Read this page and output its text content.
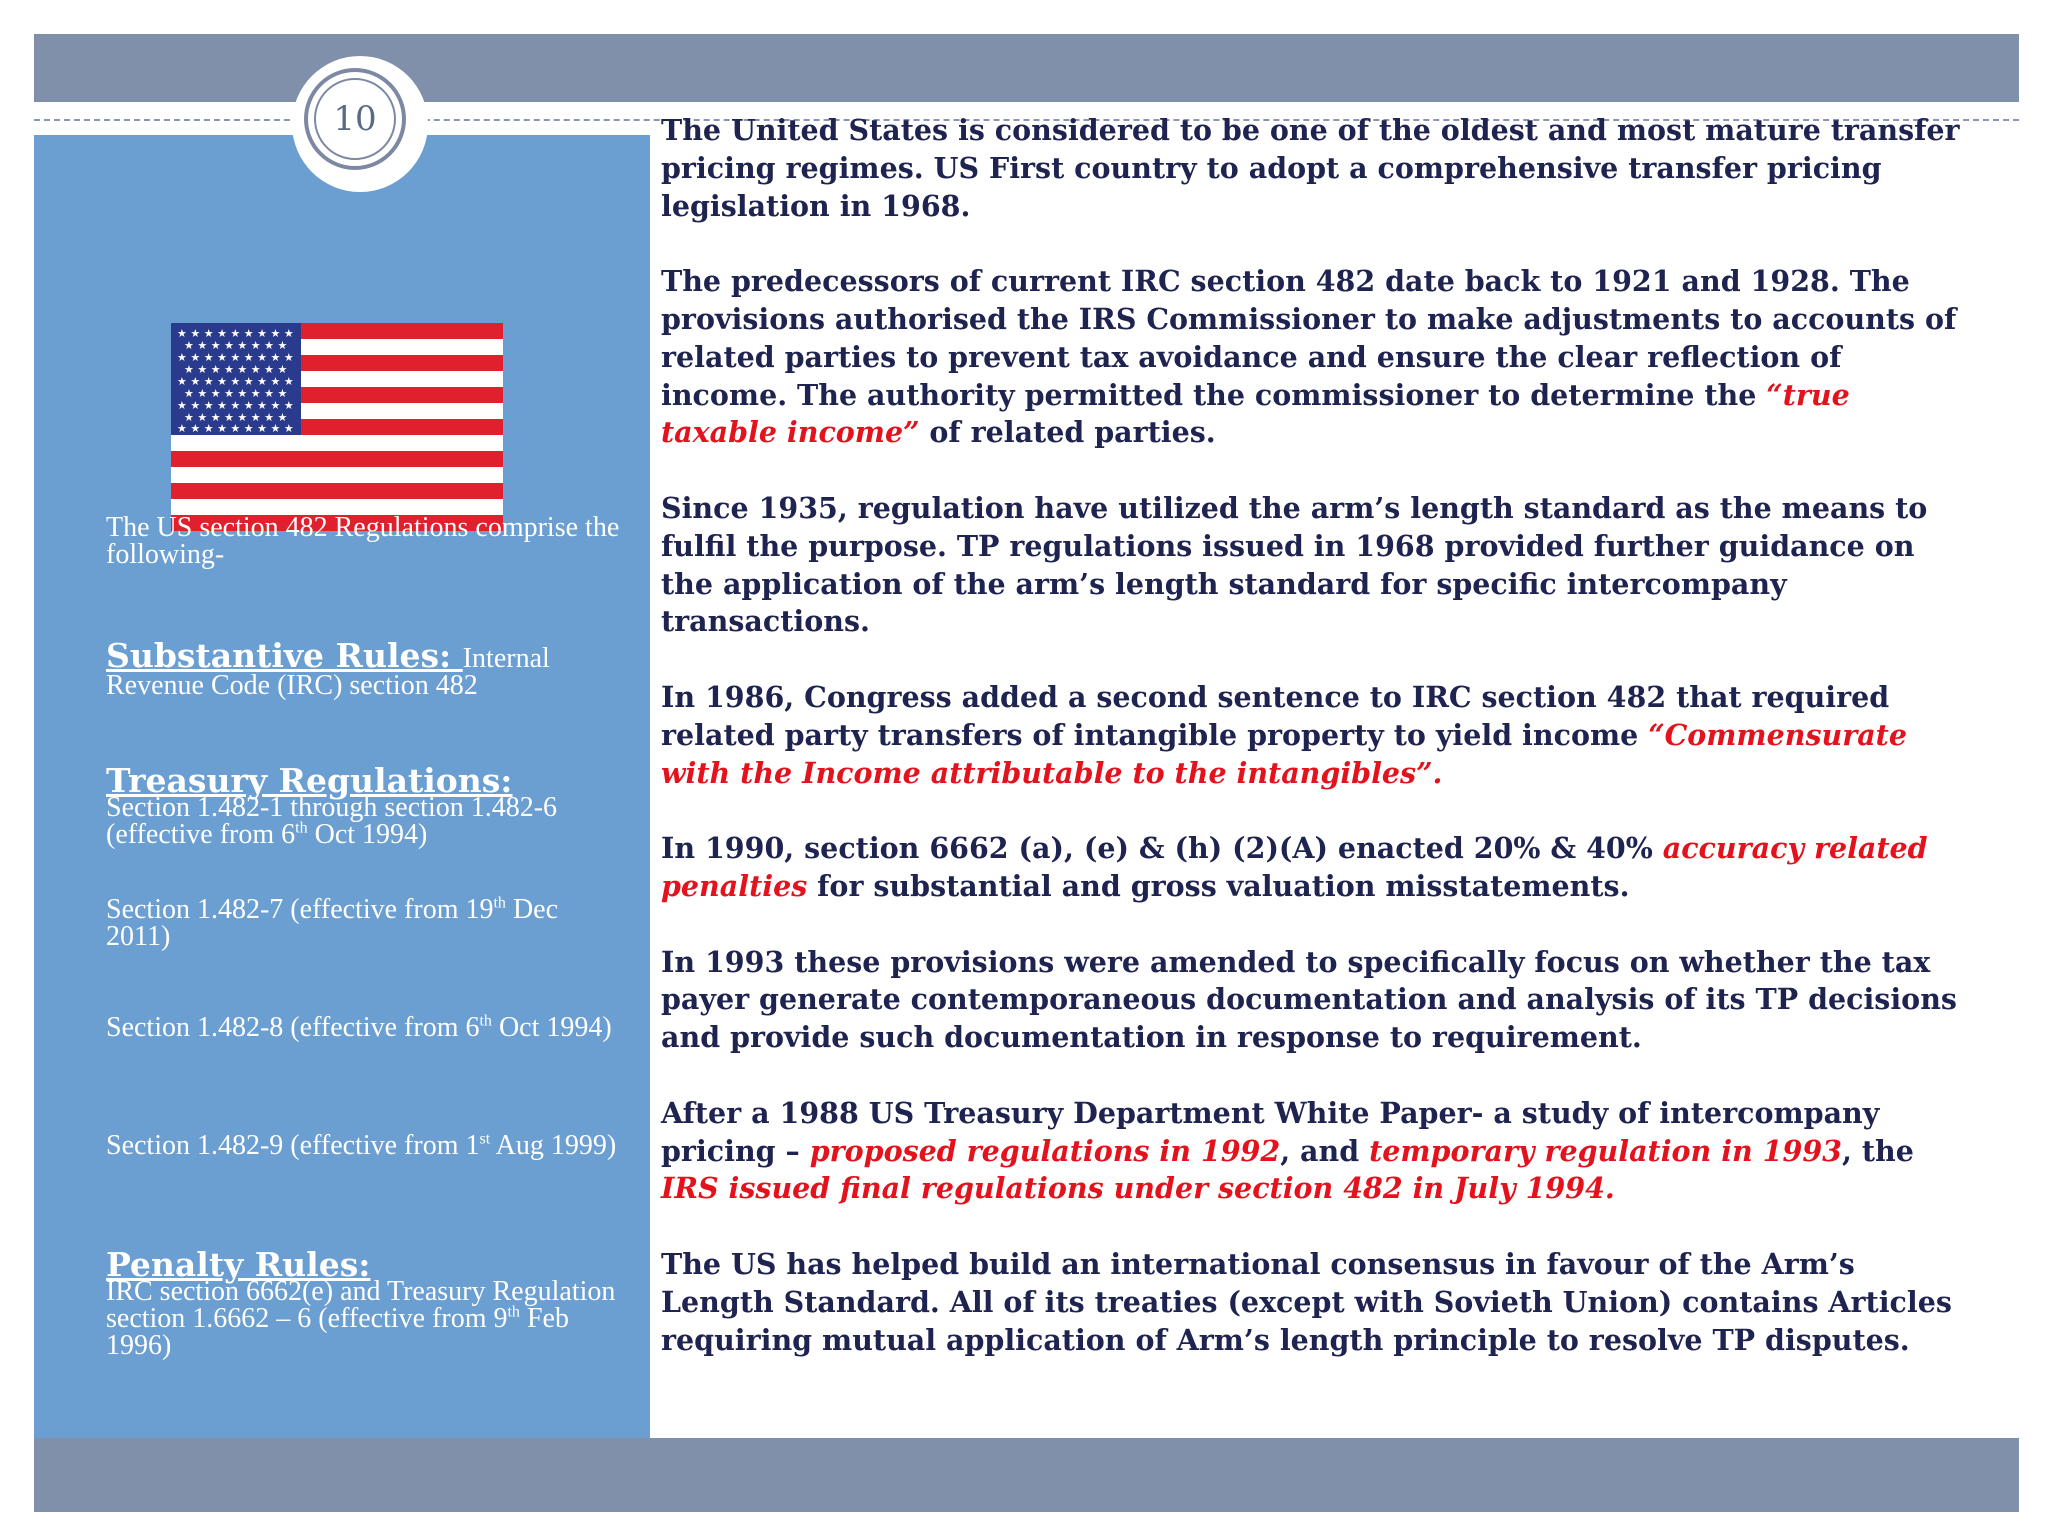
★ ★ ★ ★ ★ ★ ★ ★ ★
★ ★ ★ ★ ★ ★ ★ ★
★ ★ ★ ★ ★ ★ ★ ★ ★
★ ★ ★ ★ ★ ★ ★ ★
★ ★ ★ ★ ★ ★ ★ ★ ★
★ ★ ★ ★ ★ ★ ★ ★
★ ★ ★ ★ ★ ★ ★ ★ ★
★ ★ ★ ★ ★ ★ ★ ★
★ ★ ★ ★ ★ ★ ★ ★ ★
The US section 482 Regulations comprise the following-
Substantive Rules: Internal Revenue Code (IRC) section 482
Treasury Regulations:
Section 1.482-1 through section 1.482-6 (effective from 6th Oct 1994)
Section 1.482-7 (effective from 19th Dec 2011)
Section 1.482-8 (effective from 6th Oct 1994)
Section 1.482-9 (effective from 1st Aug 1999)
Penalty Rules:
IRC section 6662(e) and Treasury Regulation section 1.6662 – 6 (effective from 9th Feb 1996)
10	The United States is considered to be one of the oldest and most mature transfer pricing regimes. US First country to adopt a comprehensive transfer pricing legislation in 1968.

The predecessors of current IRC section 482 date back to 1921 and 1928. The provisions authorised the IRS Commissioner to make adjustments to accounts of related parties to prevent tax avoidance and ensure the clear reflection of income. The authority permitted the commissioner to determine the “true taxable income” of related parties.

Since 1935, regulation have utilized the arm’s length standard as the means to fulfil the purpose. TP regulations issued in 1968 provided further guidance on the application of the arm’s length standard for specific intercompany transactions.

In 1986, Congress added a second sentence to IRC section 482 that required related party transfers of intangible property to yield income “Commensurate with the Income attributable to the intangibles”.

In 1990, section 6662 (a), (e) & (h) (2)(A) enacted 20% & 40% accuracy related penalties for substantial and gross valuation misstatements.

In 1993 these provisions were amended to specifically focus on whether the tax payer generate contemporaneous documentation and analysis of its TP decisions and provide such documentation in response to requirement.

After a 1988 US Treasury Department White Paper- a study of intercompany pricing – proposed regulations in 1992, and temporary regulation in 1993, the IRS issued final regulations under section 482 in July 1994.

The US has helped build an international consensus in favour of the Arm’s Length Standard. All of its treaties (except with Sovieth Union) contains Articles requiring mutual application of Arm’s length principle to resolve TP disputes.
